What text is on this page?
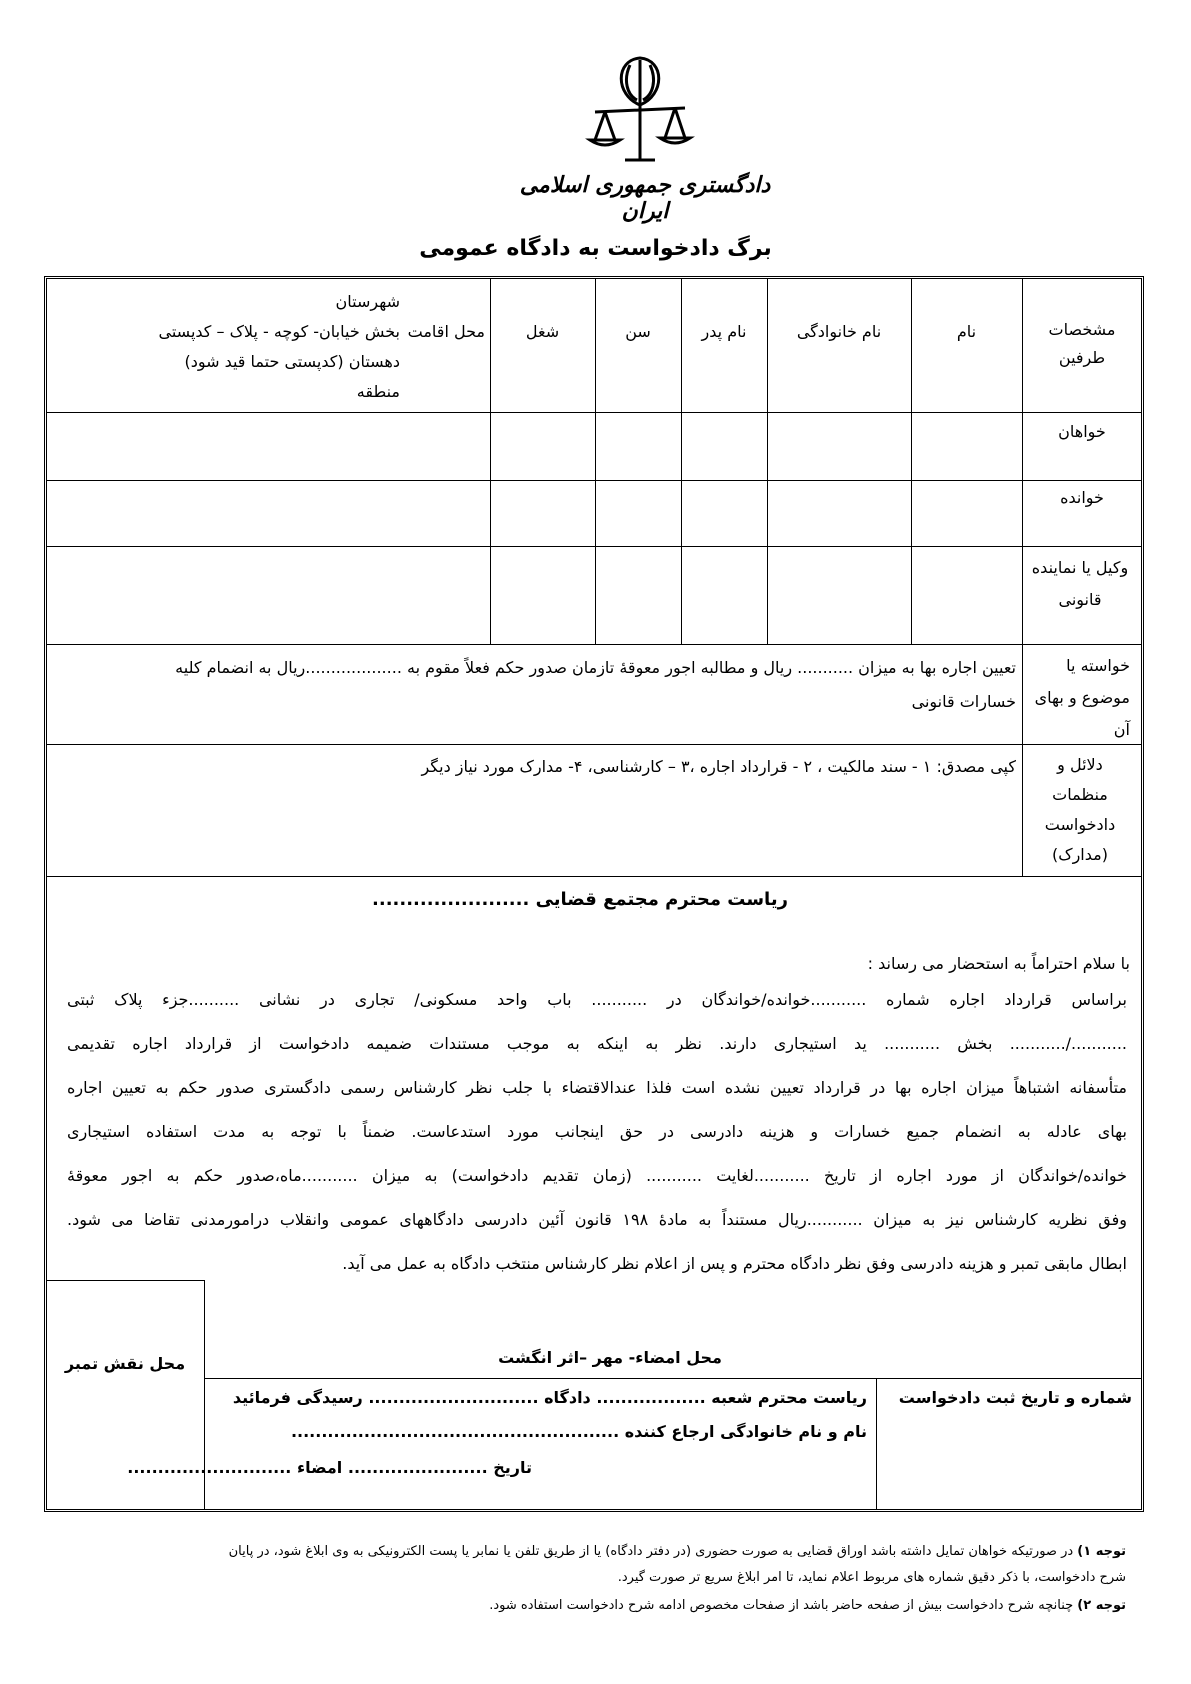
دادگستری جمهوری اسلامی ایران
برگ دادخواست به دادگاه عمومی
مشخصات طرفین
نام
نام خانوادگی
نام پدر
سن
شغل
محل اقامت
شهرستان
بخش خیابان- کوچه - پلاک – کدپستی
دهستان (کدپستی حتما قید شود)
منطقه
خواهان
خوانده
وکیل یا نماینده قانونی
خواسته یا موضوع و بهای آن
تعیین اجاره بها به میزان ........... ریال و مطالبه اجور معوقهٔ تازمان صدور حکم فعلاً مقوم به ...................ریال به انضمام کلیه
خسارات قانونی
دلائل و منظمات دادخواست (مدارک)
کپی مصدق: ۱ - سند مالکیت ، ۲ - قرارداد اجاره ،۳ – کارشناسی، ۴- مدارک مورد نیاز دیگر
ریاست محترم مجتمع قضایی .......................
با سلام احتراماً به استحضار می رساند :
براساس قرارداد اجاره شماره ...........خوانده/خواندگان در ........... باب واحد مسکونی/ تجاری در نشانی ..........جزء پلاک ثبتی
...........‌/........... بخش ........... ید استیجاری دارند. نظر به اینکه به موجب مستندات ضمیمه دادخواست از قرارداد اجاره تقدیمی
متأسفانه اشتباهاً میزان اجاره بها در قرارداد تعیین نشده است فلذا عندالاقتضاء با جلب نظر کارشناس رسمی دادگستری صدور حکم به تعیین اجاره
بهای عادله به انضمام جمیع خسارات و هزینه دادرسی در حق اینجانب مورد استدعاست. ضمناً با توجه به مدت استفاده استیجاری
خوانده/خواندگان از مورد اجاره از تاریخ ...........لغایت ........... (زمان تقدیم دادخواست) به میزان ...........ماه،صدور حکم به اجور معوقهٔ
وفق نظریه کارشناس نیز به میزان ...........ریال مستنداً به مادهٔ ۱۹۸ قانون آئین دادرسی دادگاههای عمومی وانقلاب درامورمدنی تقاضا می شود.
ابطال مابقی تمبر و هزینه دادرسی وفق نظر دادگاه محترم و پس از اعلام نظر کارشناس منتخب دادگاه به عمل می آید.
محل نقش تمبر	محل امضاء- مهر –اثر انگشت
شماره و تاریخ ثبت دادخواست
ریاست محترم شعبه .................. دادگاه ............................ رسیدگی فرمائید
نام و نام خانوادگی ارجاع کننده ......................................................
تاریخ ....................... امضاء ...........................
توجه ۱) در صورتیکه خواهان تمایل داشته باشد اوراق قضایی به صورت حضوری (در دفتر دادگاه) یا از طریق تلفن یا نمابر یا پست الکترونیکی به وی ابلاغ شود، در پایان
شرح دادخواست، با ذکر دقیق شماره های مربوط اعلام نماید، تا امر ابلاغ سریع تر صورت گیرد.
توجه ۲) چنانچه شرح دادخواست بیش از صفحه حاضر باشد از صفحات مخصوص ادامه شرح دادخواست استفاده شود.
